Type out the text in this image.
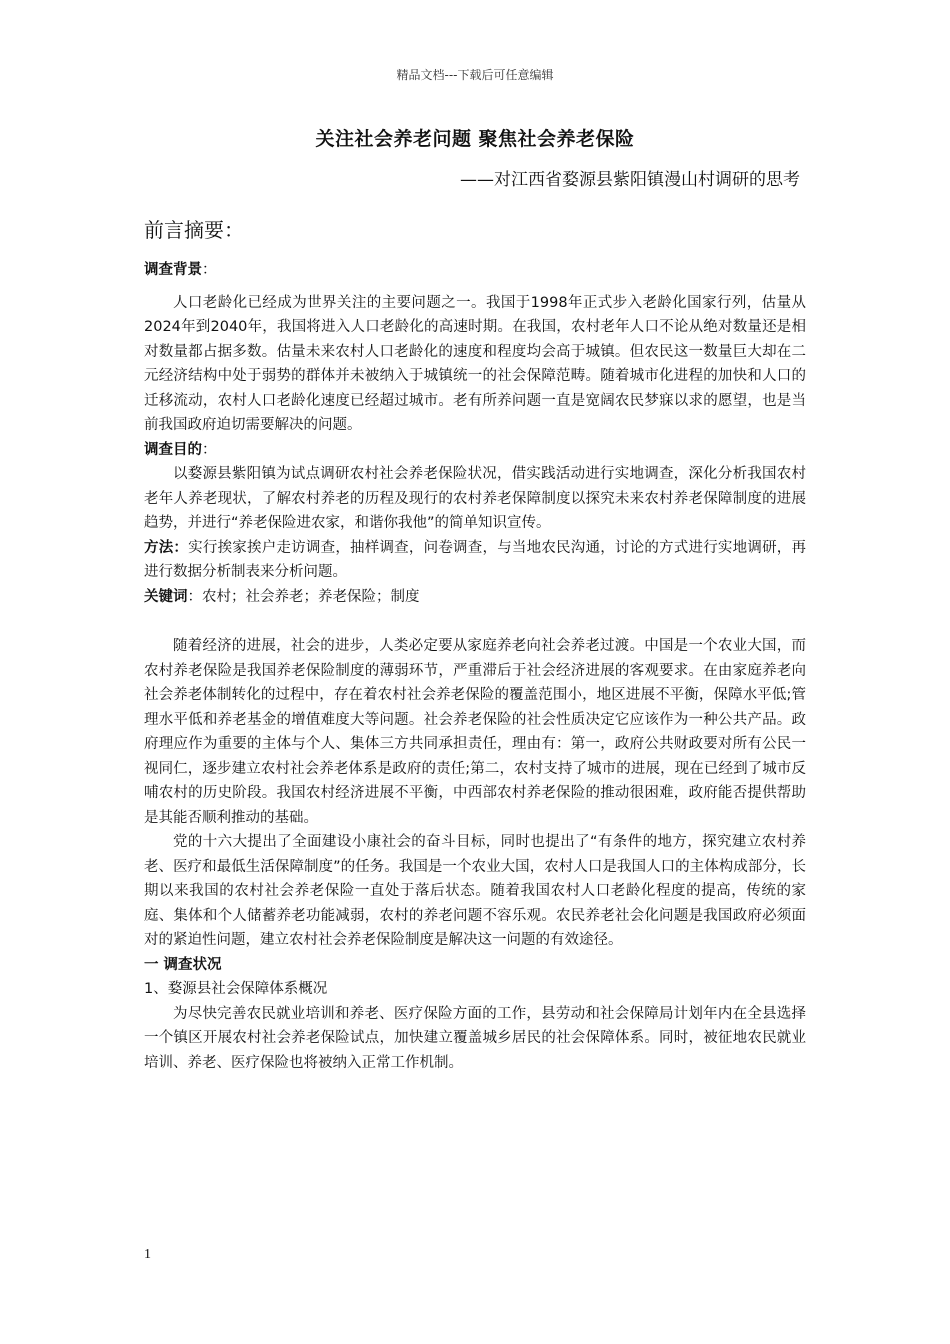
精品文档---下载后可任意编辑
关注社会养老问题 聚焦社会养老保险
——对江西省婺源县紫阳镇漫山村调研的思考
前言摘要：

调查背景：

人口老龄化已经成为世界关注的主要问题之一。我国于1998年正式步入老龄化国家行列，估量从2024年到2040年，我国将进入人口老龄化的高速时期。在我国，农村老年人口不论从绝对数量还是相对数量都占据多数。估量未来农村人口老龄化的速度和程度均会高于城镇。但农民这一数量巨大却在二元经济结构中处于弱势的群体并未被纳入于城镇统一的社会保障范畴。随着城市化进程的加快和人口的迁移流动，农村人口老龄化速度已经超过城市。老有所养问题一直是宽阔农民梦寐以求的愿望，也是当前我国政府迫切需要解决的问题。

调查目的：

以婺源县紫阳镇为试点调研农村社会养老保险状况，借实践活动进行实地调查，深化分析我国农村老年人养老现状，了解农村养老的历程及现行的农村养老保障制度以探究未来农村养老保障制度的进展趋势，并进行“养老保险进农家，和谐你我他”的简单知识宣传。

方法：实行挨家挨户走访调查，抽样调查，问卷调查，与当地农民沟通，讨论的方式进行实地调研，再进行数据分析制表来分析问题。

关键词：农村；社会养老；养老保险；制度

随着经济的进展，社会的进步，人类必定要从家庭养老向社会养老过渡。中国是一个农业大国，而农村养老保险是我国养老保险制度的薄弱环节，严重滞后于社会经济进展的客观要求。在由家庭养老向社会养老体制转化的过程中，存在着农村社会养老保险的覆盖范围小，地区进展不平衡，保障水平低;管理水平低和养老基金的增值难度大等问题。社会养老保险的社会性质决定它应该作为一种公共产品。政府理应作为重要的主体与个人、集体三方共同承担责任，理由有：第一，政府公共财政要对所有公民一视同仁，逐步建立农村社会养老体系是政府的责任;第二，农村支持了城市的进展，现在已经到了城市反哺农村的历史阶段。我国农村经济进展不平衡，中西部农村养老保险的推动很困难，政府能否提供帮助是其能否顺利推动的基础。

党的十六大提出了全面建设小康社会的奋斗目标，同时也提出了“有条件的地方，探究建立农村养老、医疗和最低生活保障制度”的任务。我国是一个农业大国，农村人口是我国人口的主体构成部分，长期以来我国的农村社会养老保险一直处于落后状态。随着我国农村人口老龄化程度的提高，传统的家庭、集体和个人储蓄养老功能减弱，农村的养老问题不容乐观。农民养老社会化问题是我国政府必须面对的紧迫性问题，建立农村社会养老保险制度是解决这一问题的有效途径。

一 调查状况

1、婺源县社会保障体系概况

为尽快完善农民就业培训和养老、医疗保险方面的工作，县劳动和社会保障局计划年内在全县选择一个镇区开展农村社会养老保险试点，加快建立覆盖城乡居民的社会保障体系。同时，被征地农民就业培训、养老、医疗保险也将被纳入正常工作机制。

1
